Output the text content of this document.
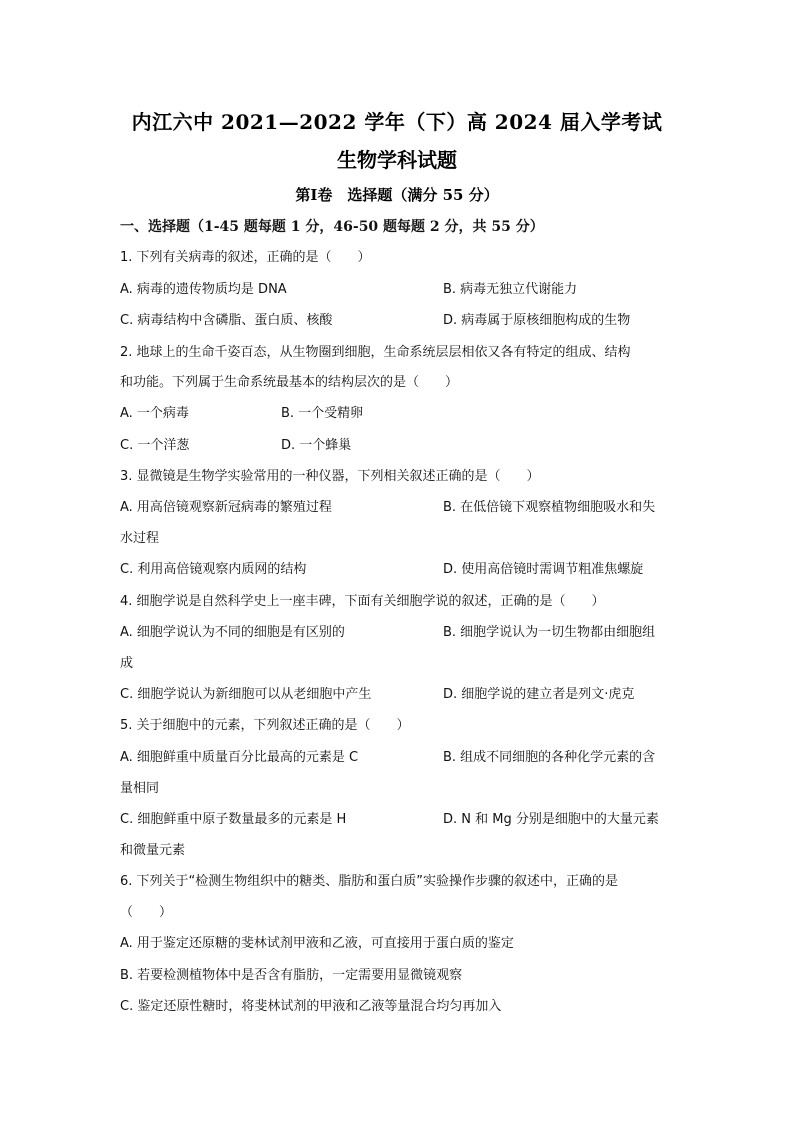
内江六中 2021—2022 学年（下）高 2024 届入学考试
生物学科试题
第Ⅰ卷　选择题（满分 55 分）
一、选择题（1-45 题每题 1 分，46-50 题每题 2 分，共 55 分）
1. 下列有关病毒的叙述，正确的是（　　）
A. 病毒的遗传物质均是 DNA	B. 病毒无独立代谢能力
C. 病毒结构中含磷脂、蛋白质、核酸	D. 病毒属于原核细胞构成的生物
2. 地球上的生命千姿百态，从生物圈到细胞，生命系统层层相依又各有特定的组成、结构
和功能。下列属于生命系统最基本的结构层次的是（　　）
A. 一个病毒	B. 一个受精卵
C. 一个洋葱	D. 一个蜂巢
3. 显微镜是生物学实验常用的一种仪器，下列相关叙述正确的是（　　）
A. 用高倍镜观察新冠病毒的繁殖过程	B. 在低倍镜下观察植物细胞吸水和失
水过程
C. 利用高倍镜观察内质网的结构	D. 使用高倍镜时需调节粗准焦螺旋
4. 细胞学说是自然科学史上一座丰碑，下面有关细胞学说的叙述，正确的是（　　）
A. 细胞学说认为不同的细胞是有区别的	B. 细胞学说认为一切生物都由细胞组
成
C. 细胞学说认为新细胞可以从老细胞中产生	D. 细胞学说的建立者是列文·虎克
5. 关于细胞中的元素，下列叙述正确的是（　　）
A. 细胞鲜重中质量百分比最高的元素是 C	B. 组成不同细胞的各种化学元素的含
量相同
C. 细胞鲜重中原子数量最多的元素是 H	D. N 和 Mg 分别是细胞中的大量元素
和微量元素
6. 下列关于“检测生物组织中的糖类、脂肪和蛋白质”实验操作步骤的叙述中，正确的是
（　　）
A. 用于鉴定还原糖的斐林试剂甲液和乙液，可直接用于蛋白质的鉴定
B. 若要检测植物体中是否含有脂肪，一定需要用显微镜观察
C. 鉴定还原性糖时，将斐林试剂的甲液和乙液等量混合均匀再加入
